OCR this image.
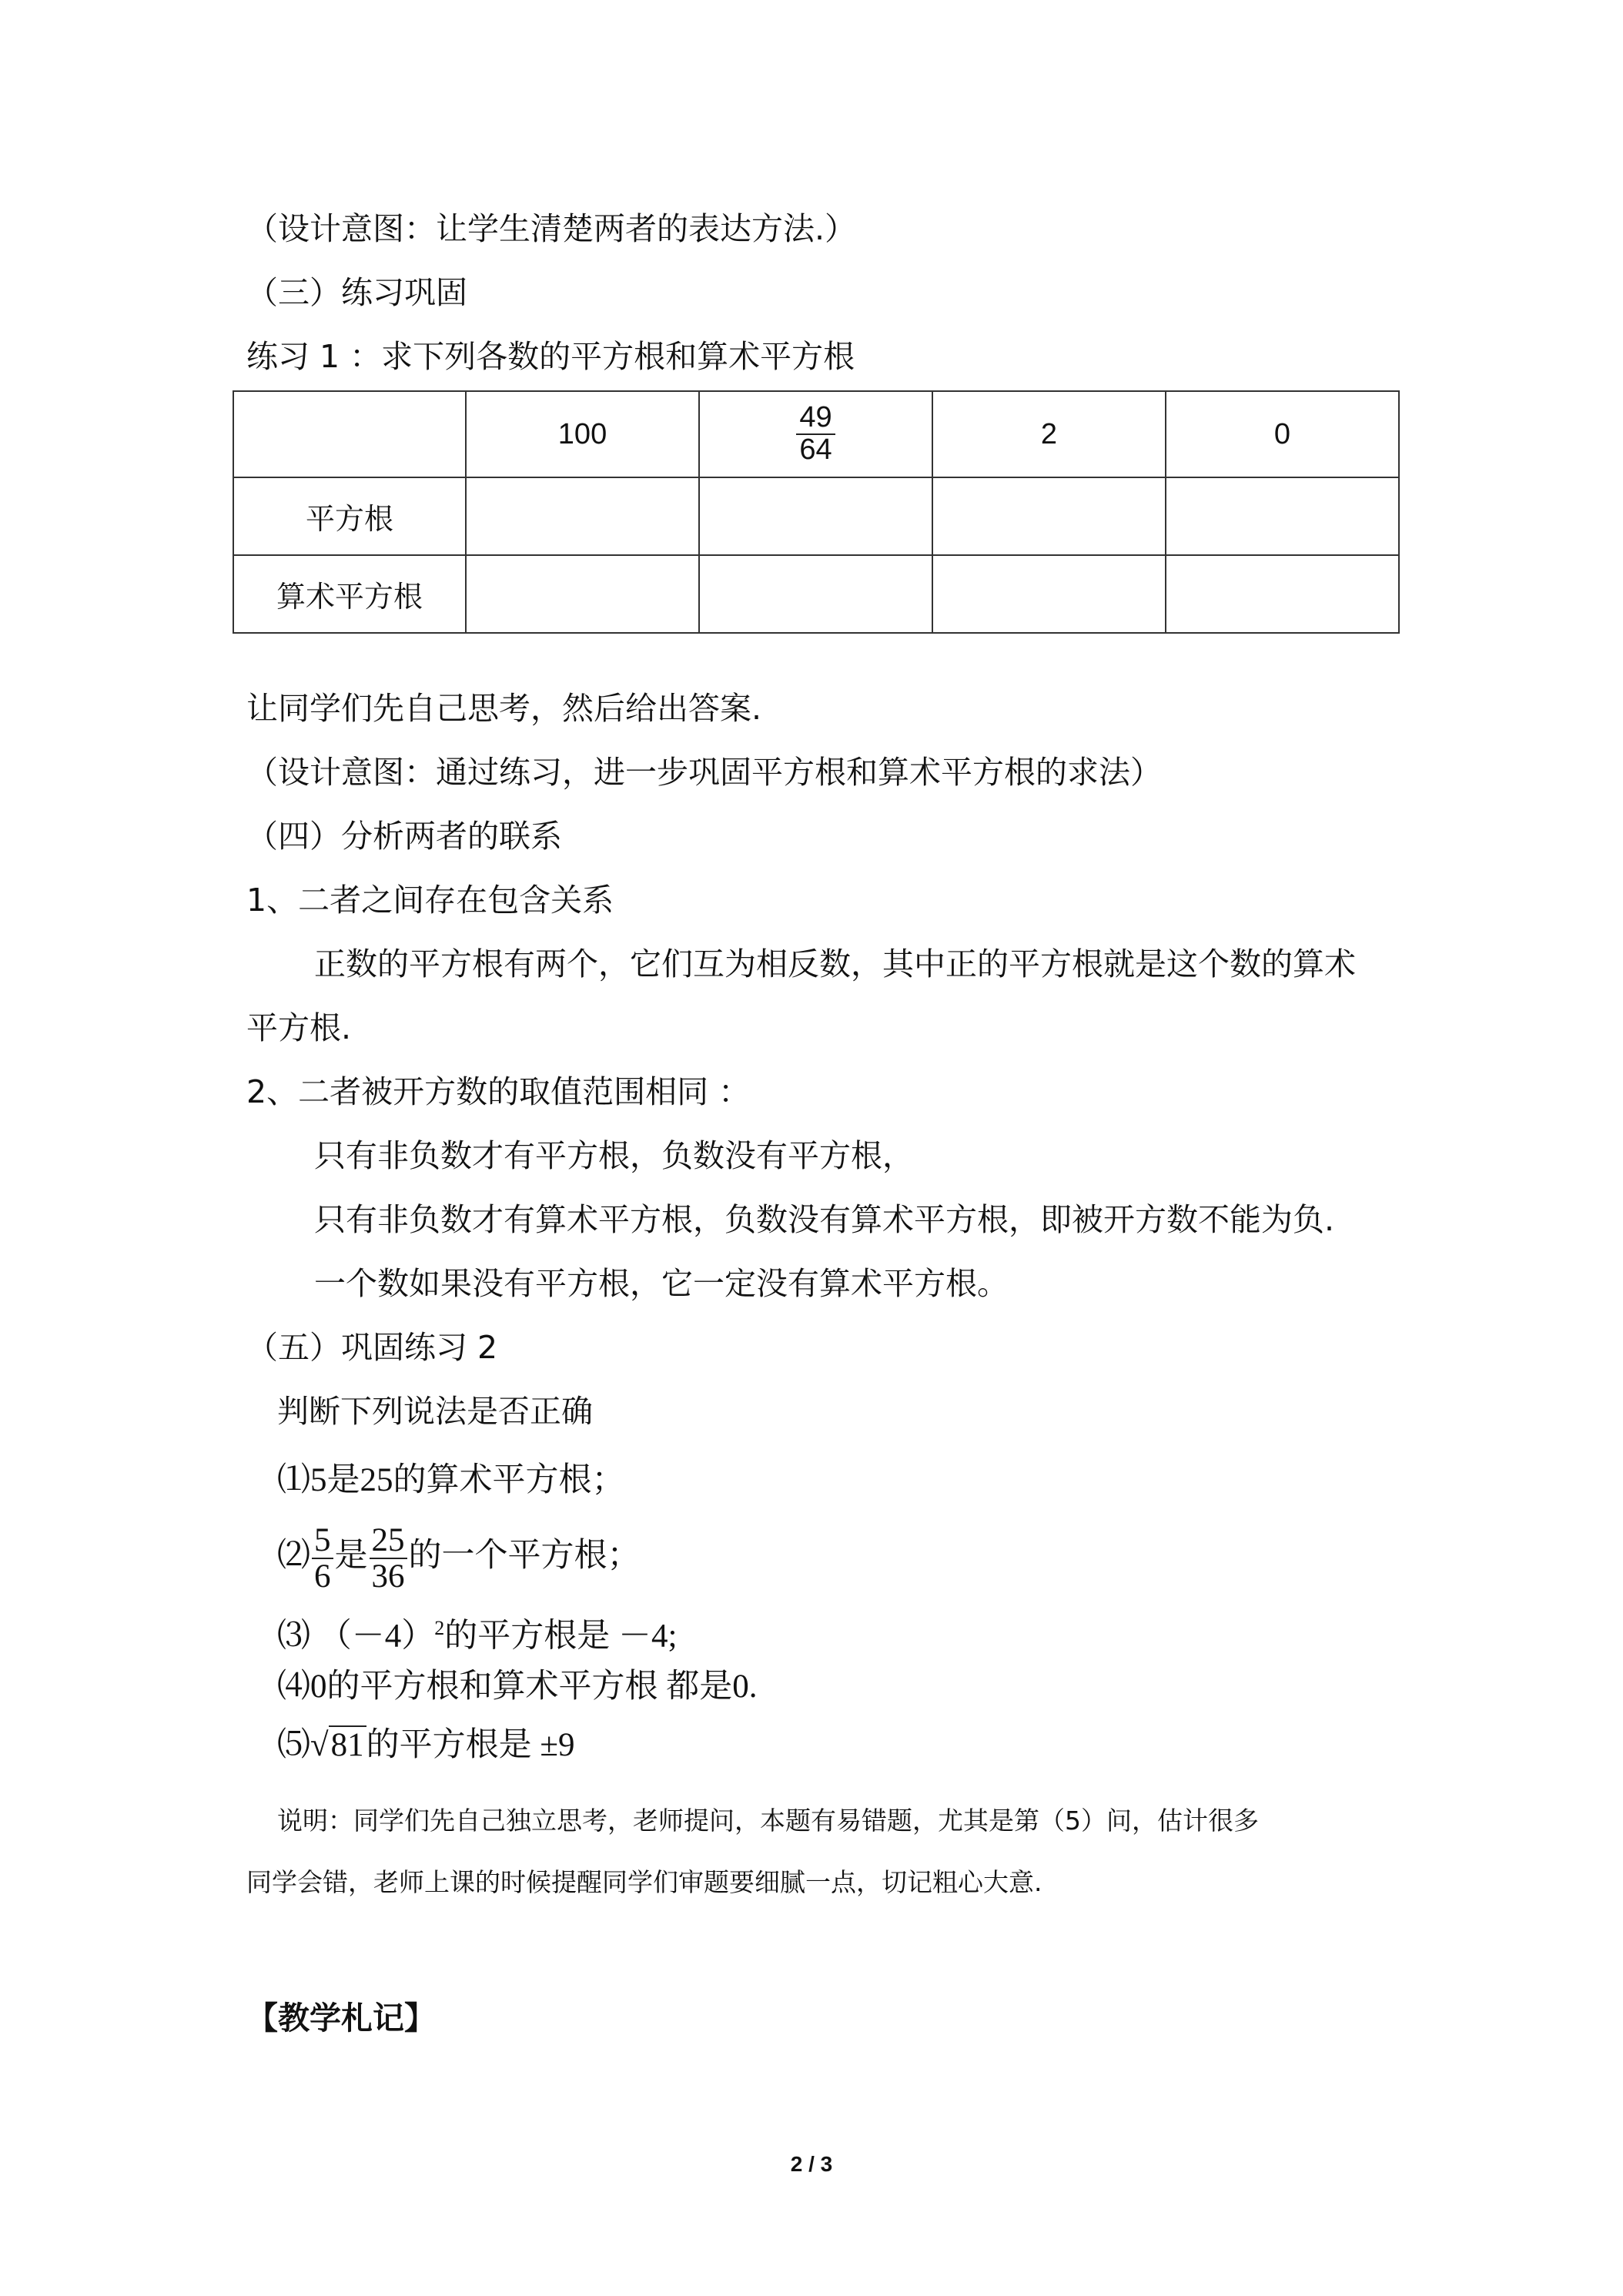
（设计意图：让学生清楚两者的表达方法.）
（三）练习巩固
练习 1 ：求下列各数的平方根和算术平方根
	100	$\frac{49}{64}$	2	0
平方根				
算术平方根				
让同学们先自己思考，然后给出答案.
（设计意图：通过练习，进一步巩固平方根和算术平方根的求法）
（四）分析两者的联系
1、二者之间存在包含关系
正数的平方根有两个，它们互为相反数，其中正的平方根就是这个数的算术
平方根.
2、二者被开方数的取值范围相同 ：
只有非负数才有平方根，负数没有平方根，
只有非负数才有算术平方根，负数没有算术平方根，即被开方数不能为负.
一个数如果没有平方根，它一定没有算术平方根。
（五）巩固练习 2
判断下列说法是否正确
⑴5是25的算术平方根；
⑵ $\frac{5}{6}$ 是 $\frac{25}{36}$ 的一个平方根；
⑶ $(-4)^2$的平方根是 －4;
⑷0的平方根和算术平方根 都是0.
⑸√81的平方根是 ±9
说明：同学们先自己独立思考，老师提问，本题有易错题，尤其是第（5）问，估计很多
同学会错，老师上课的时候提醒同学们审题要细腻一点，切记粗心大意.
【教学札记】
2 / 3
